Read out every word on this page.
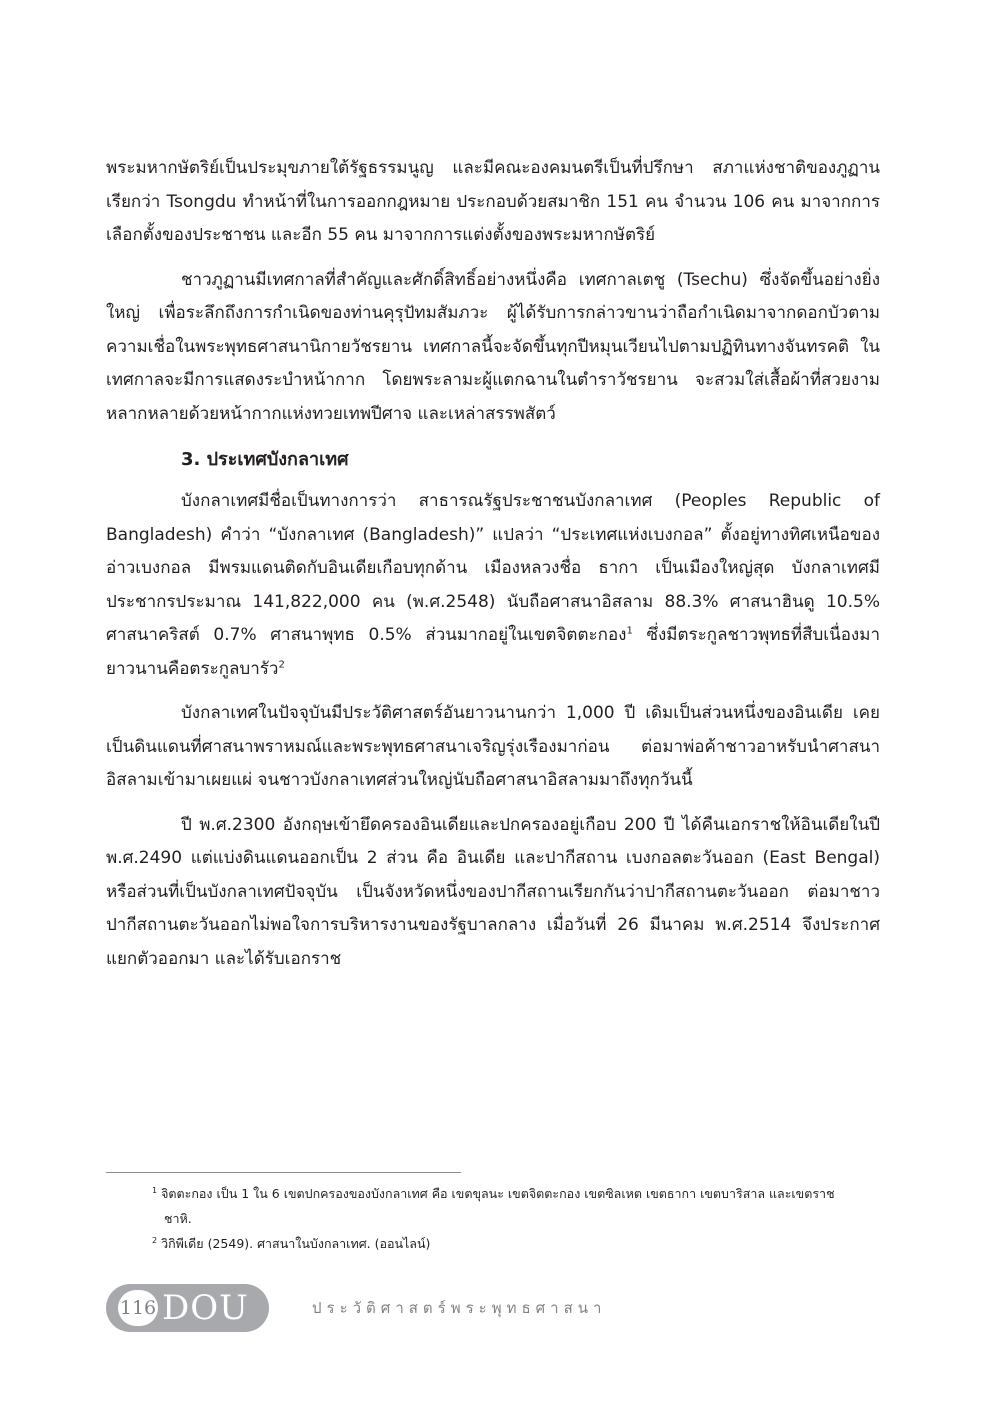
พระมหากษัตริย์เป็นประมุขภายใต้รัฐธรรมนูญ และมีคณะองคมนตรีเป็นที่ปรึกษา สภาแห่งชาติของภูฏานเรียกว่า Tsongdu ทำหน้าที่ในการออกกฎหมาย ประกอบด้วยสมาชิก 151 คน จำนวน 106 คน มาจากการเลือกตั้งของประชาชน และอีก 55 คน มาจากการแต่งตั้งของพระมหากษัตริย์

ชาวภูฏานมีเทศกาลที่สำคัญและศักดิ์สิทธิ์อย่างหนึ่งคือ เทศกาลเตชู (Tsechu) ซึ่งจัดขึ้นอย่างยิ่งใหญ่ เพื่อระลึกถึงการกำเนิดของท่านคุรุปัทมสัมภวะ ผู้ได้รับการกล่าวขานว่าถือกำเนิดมาจากดอกบัวตามความเชื่อในพระพุทธศาสนานิกายวัชรยาน เทศกาลนี้จะจัดขึ้นทุกปีหมุนเวียนไปตามปฏิทินทางจันทรคติ ในเทศกาลจะมีการแสดงระบำหน้ากาก โดยพระลามะผู้แตกฉานในตำราวัชรยาน จะสวมใส่เสื้อผ้าที่สวยงามหลากหลายด้วยหน้ากากแห่งทวยเทพปีศาจ และเหล่าสรรพสัตว์

3. ประเทศบังกลาเทศ

บังกลาเทศมีชื่อเป็นทางการว่า สาธารณรัฐประชาชนบังกลาเทศ (Peoples Republic of Bangladesh) คำว่า “บังกลาเทศ (Bangladesh)” แปลว่า “ประเทศแห่งเบงกอล” ตั้งอยู่ทางทิศเหนือของอ่าวเบงกอล มีพรมแดนติดกับอินเดียเกือบทุกด้าน เมืองหลวงชื่อ ธากา เป็นเมืองใหญ่สุด บังกลาเทศมีประชากรประมาณ 141,822,000 คน (พ.ศ.2548) นับถือศาสนาอิสลาม 88.3% ศาสนาฮินดู 10.5% ศาสนาคริสต์ 0.7% ศาสนาพุทธ 0.5% ส่วนมากอยู่ในเขตจิตตะกอง$^1$ ซึ่งมีตระกูลชาวพุทธที่สืบเนื่องมายาวนานคือตระกูลบารัว$^2$

บังกลาเทศในปัจจุบันมีประวัติศาสตร์อันยาวนานกว่า 1,000 ปี เดิมเป็นส่วนหนึ่งของอินเดีย เคยเป็นดินแดนที่ศาสนาพราหมณ์และพระพุทธศาสนาเจริญรุ่งเรืองมาก่อน ต่อมาพ่อค้าชาวอาหรับนำศาสนาอิสลามเข้ามาเผยแผ่ จนชาวบังกลาเทศส่วนใหญ่นับถือศาสนาอิสลามมาถึงทุกวันนี้

ปี พ.ศ.2300 อังกฤษเข้ายึดครองอินเดียและปกครองอยู่เกือบ 200 ปี ได้คืนเอกราชให้อินเดียในปี พ.ศ.2490 แต่แบ่งดินแดนออกเป็น 2 ส่วน คือ อินเดีย และปากีสถาน เบงกอลตะวันออก (East Bengal) หรือส่วนที่เป็นบังกลาเทศปัจจุบัน เป็นจังหวัดหนึ่งของปากีสถานเรียกกันว่าปากีสถานตะวันออก ต่อมาชาวปากีสถานตะวันออกไม่พอใจการบริหารงานของรัฐบาลกลาง เมื่อวันที่ 26 มีนาคม พ.ศ.2514 จึงประกาศแยกตัวออกมา และได้รับเอกราช

$^1$ จิตตะกอง เป็น 1 ใน 6 เขตปกครองของบังกลาเทศ คือ เขตขุลนะ เขตจิตตะกอง เขตซิลเหต เขตธากา เขตบาริสาล และเขตราชชาหิ.

$^2$ วิกิพีเดีย (2549). ศาสนาในบังกลาเทศ. (ออนไลน์)

116 DOU	ประวัติศาสตร์พระพุทธศาสนา
